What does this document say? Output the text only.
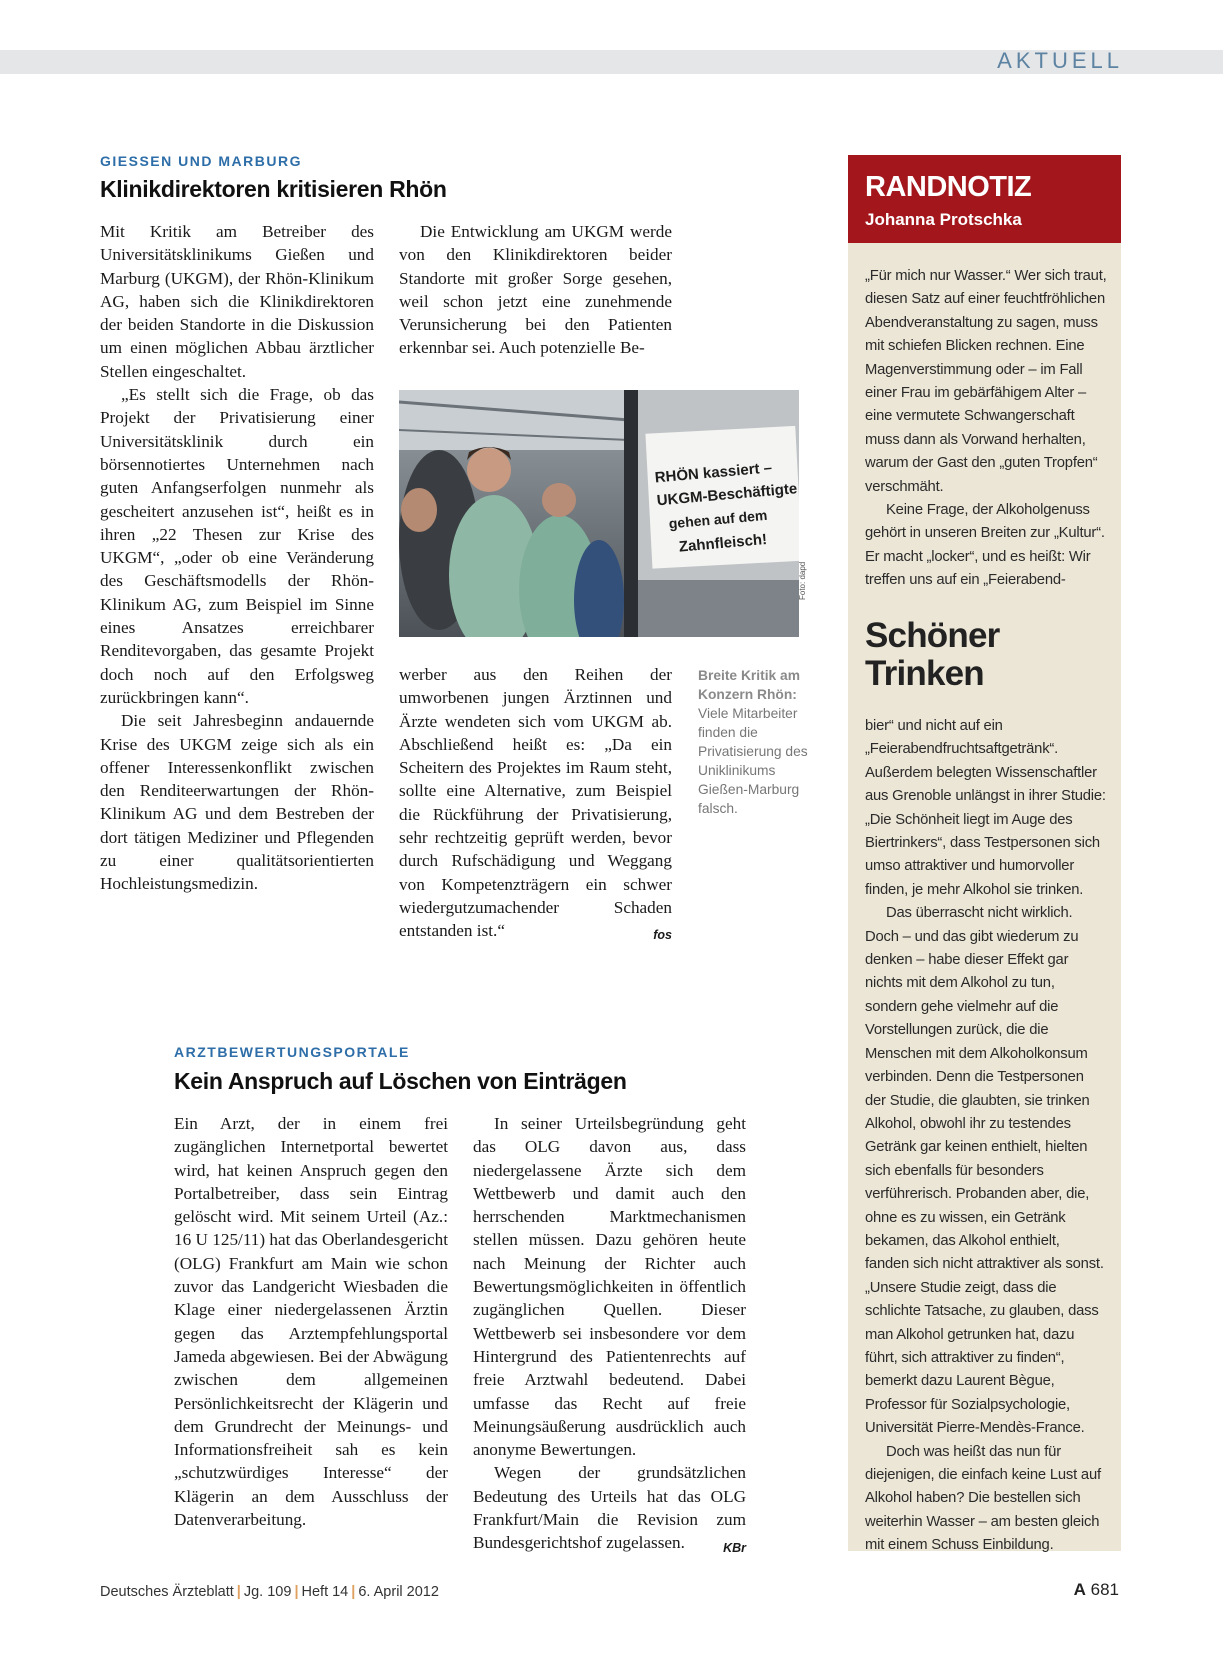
AKTUELL
GIESSEN UND MARBURG
Klinikdirektoren kritisieren Rhön

Mit Kritik am Betreiber des Universitätsklinikums Gießen und Marburg (UKGM), der Rhön-Klinikum AG, haben sich die Klinikdirektoren der beiden Standorte in die Diskussion um einen möglichen Abbau ärztlicher Stellen eingeschaltet.

„Es stellt sich die Frage, ob das Projekt der Privatisierung einer Universitätsklinik durch ein börsennotiertes Unternehmen nach guten Anfangserfolgen nunmehr als gescheitert anzusehen ist“, heißt es in ihren „22 Thesen zur Krise des UKGM“, „oder ob eine Veränderung des Geschäftsmodells der Rhön-Klinikum AG, zum Beispiel im Sinne eines Ansatzes erreichbarer Renditevorgaben, das gesamte Projekt doch noch auf den Erfolgsweg zurückbringen kann“.

Die seit Jahresbeginn andauernde Krise des UKGM zeige sich als ein offener Interessenkonflikt zwischen den Renditeerwartungen der Rhön-Klinikum AG und dem Bestreben der dort tätigen Mediziner und Pflegenden zu einer qualitätsorientierten Hochleistungsmedizin.

Die Entwicklung am UKGM werde von den Klinikdirektoren beider Standorte mit großer Sorge gesehen, weil schon jetzt eine zunehmende Verunsicherung bei den Patienten erkennbar sei. Auch potenzielle Be-

RHÖN kassiert –
UKGM-Beschäftigte
gehen auf dem
Zahnfleisch!
Foto: dapd
Breite Kritik am Konzern Rhön: Viele Mitarbeiter finden die Privatisierung des Uniklinikums Gießen-Marburg falsch.

werber aus den Reihen der umworbenen jungen Ärztinnen und Ärzte wendeten sich vom UKGM ab. Abschließend heißt es: „Da ein Scheitern des Projektes im Raum steht, sollte eine Alternative, zum Beispiel die Rückführung der Privatisierung, sehr rechtzeitig geprüft werden, bevor durch Rufschädigung und Weggang von Kompetenzträgern ein schwer wiedergutzumachender Schaden entstanden ist.“	fos
ARZTBEWERTUNGSPORTALE
Kein Anspruch auf Löschen von Einträgen

Ein Arzt, der in einem frei zugänglichen Internetportal bewertet wird, hat keinen Anspruch gegen den Portalbetreiber, dass sein Eintrag gelöscht wird. Mit seinem Urteil (Az.: 16 U 125/11) hat das Oberlandesgericht (OLG) Frankfurt am Main wie schon zuvor das Landgericht Wiesbaden die Klage einer niedergelassenen Ärztin gegen das Arztempfehlungsportal Jameda abgewiesen. Bei der Abwägung zwischen dem allgemeinen Persönlichkeitsrecht der Klägerin und dem Grundrecht der Meinungs- und Informationsfreiheit sah es kein „schutzwürdiges Interesse“ der Klägerin an dem Ausschluss der Datenverarbeitung.

In seiner Urteilsbegründung geht das OLG davon aus, dass niedergelassene Ärzte sich dem Wettbewerb und damit auch den herrschenden Marktmechanismen stellen müssen. Dazu gehören heute nach Meinung der Richter auch Bewertungsmöglichkeiten in öffentlich zugänglichen Quellen. Dieser Wettbewerb sei insbesondere vor dem Hintergrund des Patientenrechts auf freie Arztwahl bedeutend. Dabei umfasse das Recht auf freie Meinungsäußerung ausdrücklich auch anonyme Bewertungen.

Wegen der grundsätzlichen Bedeutung des Urteils hat das OLG Frankfurt/Main die Revision zum Bundesgerichtshof zugelassen.	KBr
RANDNOTIZ
Johanna Protschka

„Für mich nur Wasser.“ Wer sich traut, diesen Satz auf einer feuchtfröhlichen Abendveranstaltung zu sagen, muss mit schiefen Blicken rechnen. Eine Magenverstimmung oder – im Fall einer Frau im gebärfähigem Alter – eine vermutete Schwangerschaft muss dann als Vorwand herhalten, warum der Gast den „guten Tropfen“ verschmäht.

Keine Frage, der Alkoholgenuss gehört in unseren Breiten zur „Kultur“. Er macht „locker“, und es heißt: Wir treffen uns auf ein „Feierabend-

Schöner Trinken

bier“ und nicht auf ein „Feierabendfruchtsaftgetränk“. Außerdem belegten Wissenschaftler aus Grenoble unlängst in ihrer Studie: „Die Schönheit liegt im Auge des Biertrinkers“, dass Testpersonen sich umso attraktiver und humorvoller finden, je mehr Alkohol sie trinken.

Das überrascht nicht wirklich. Doch – und das gibt wiederum zu denken – habe dieser Effekt gar nichts mit dem Alkohol zu tun, sondern gehe vielmehr auf die Vorstellungen zurück, die die Menschen mit dem Alkoholkonsum verbinden. Denn die Testpersonen der Studie, die glaubten, sie trinken Alkohol, obwohl ihr zu testendes Getränk gar keinen enthielt, hielten sich ebenfalls für besonders verführerisch. Probanden aber, die, ohne es zu wissen, ein Getränk bekamen, das Alkohol enthielt, fanden sich nicht attraktiver als sonst. „Unsere Studie zeigt, dass die schlichte Tatsache, zu glauben, dass man Alkohol getrunken hat, dazu führt, sich attraktiver zu finden“, bemerkt dazu Laurent Bègue, Professor für Sozialpsychologie, Universität Pierre-Mendès-France.

Doch was heißt das nun für diejenigen, die einfach keine Lust auf Alkohol haben? Die bestellen sich weiterhin Wasser – am besten gleich mit einem Schuss Einbildung.

Deutsches Ärzteblatt | Jg. 109 | Heft 14 | 6. April 2012	A 681
